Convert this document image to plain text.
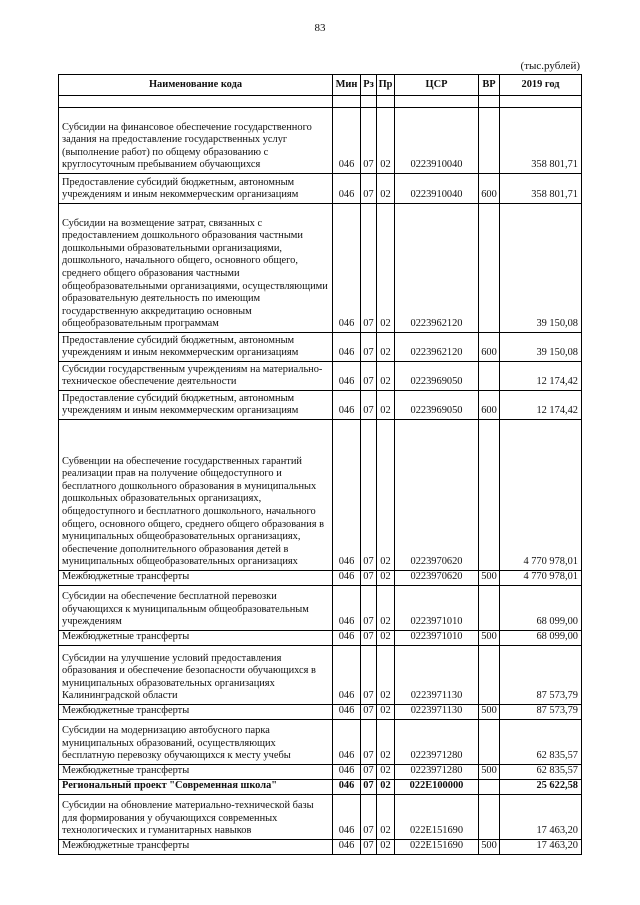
83
(тыс.рублей)
Наименование кода	Мин	Рз	Пр	ЦСР	ВР	2019 год

Субсидии на финансовое обеспечение государственного задания на предоставление государственных услуг (выполнение работ) по общему образованию с круглосуточным пребыванием обучающихся	046	07	02	0223910040		358 801,71
Предоставление субсидий бюджетным, автономным учреждениям и иным некоммерческим организациям	046	07	02	0223910040	600	358 801,71
Субсидии на возмещение затрат, связанных с предоставлением дошкольного образования частными дошкольными образовательными организациями, дошкольного, начального общего, основного общего, среднего общего образования частными общеобразовательными организациями, осуществляющими образовательную деятельность по имеющим государственную аккредитацию основным общеобразовательным программам	046	07	02	0223962120		39 150,08
Предоставление субсидий бюджетным, автономным учреждениям и иным некоммерческим организациям	046	07	02	0223962120	600	39 150,08
Субсидии государственным учреждениям на материально-техническое обеспечение деятельности	046	07	02	0223969050		12 174,42
Предоставление субсидий бюджетным, автономным учреждениям и иным некоммерческим организациям	046	07	02	0223969050	600	12 174,42
Субвенции на обеспечение государственных гарантий реализации прав на получение общедоступного и бесплатного дошкольного образования в муниципальных дошкольных образовательных организациях, общедоступного и бесплатного дошкольного, начального общего, основного общего, среднего общего образования в муниципальных общеобразовательных организациях, обеспечение дополнительного образования детей в муниципальных общеобразовательных организациях	046	07	02	0223970620		4 770 978,01
Межбюджетные трансферты	046	07	02	0223970620	500	4 770 978,01
Субсидии на обеспечение бесплатной перевозки обучающихся к муниципальным общеобразовательным учреждениям	046	07	02	0223971010		68 099,00
Межбюджетные трансферты	046	07	02	0223971010	500	68 099,00
Субсидии на улучшение условий предоставления образования и обеспечение безопасности обучающихся в муниципальных образовательных организациях Калининградской области	046	07	02	0223971130		87 573,79
Межбюджетные трансферты	046	07	02	0223971130	500	87 573,79
Субсидии на модернизацию автобусного парка муниципальных образований, осуществляющих бесплатную перевозку обучающихся к месту учебы	046	07	02	0223971280		62 835,57
Межбюджетные трансферты	046	07	02	0223971280	500	62 835,57
Региональный проект "Современная школа"	046	07	02	022E100000		25 622,58
Субсидии на обновление материально-технической базы для формирования у обучающихся современных технологических и гуманитарных навыков	046	07	02	022E151690		17 463,20
Межбюджетные трансферты	046	07	02	022E151690	500	17 463,20
